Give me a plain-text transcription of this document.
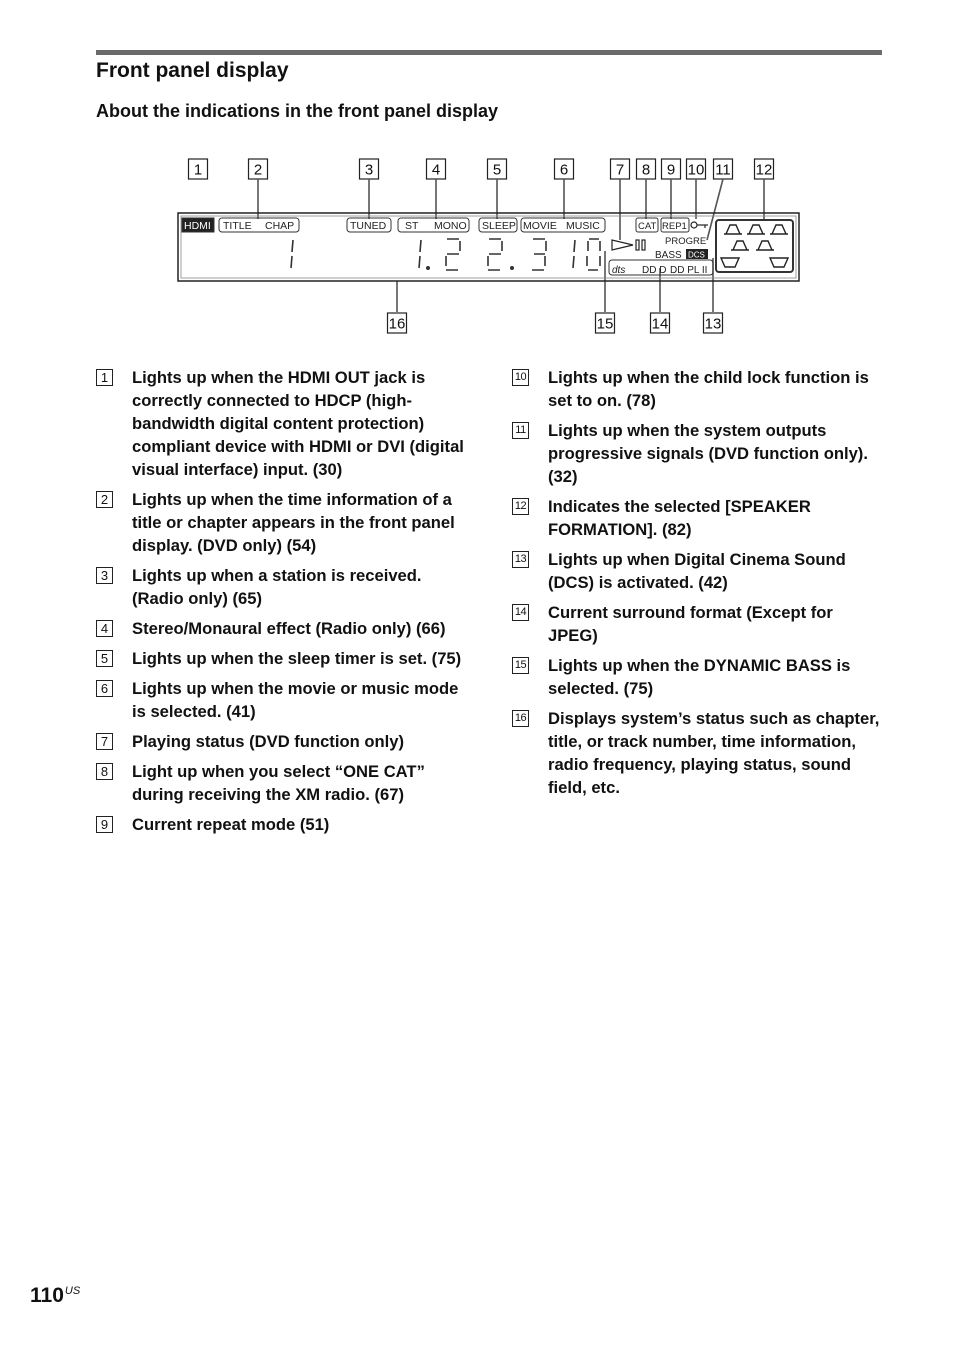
Front panel display
About the indications in the front panel display
1	2	3	4	5	6	7 8 9 10 11 12
16	15	14 13
HDMI TITLE CHAP	TUNED ST MONO SLEEP MOVIE MUSIC	CAT REP1
PROGRE
BASS
dts DD D DD PL II
DCS
1 Lights up when the HDMI OUT jack is correctly connected to HDCP (high-bandwidth digital content protection) compliant device with HDMI or DVI (digital visual interface) input. (30)
2 Lights up when the time information of a title or chapter appears in the front panel display. (DVD only) (54)
3 Lights up when a station is received. (Radio only) (65)
4 Stereo/Monaural effect (Radio only) (66)
5 Lights up when the sleep timer is set. (75)
6 Lights up when the movie or music mode is selected. (41)
7 Playing status (DVD function only)
8 Light up when you select “ONE CAT” during receiving the XM radio. (67)
9 Current repeat mode (51)
10 Lights up when the child lock function is set to on. (78)
11 Lights up when the system outputs progressive signals (DVD function only). (32)
12 Indicates the selected [SPEAKER FORMATION]. (82)
13 Lights up when Digital Cinema Sound (DCS) is activated. (42)
14 Current surround format (Except for JPEG)
15 Lights up when the DYNAMIC BASS is selected. (75)
16 Displays system’s status such as chapter, title, or track number, time information, radio frequency, playing status, sound field, etc.
$110^{US}$
